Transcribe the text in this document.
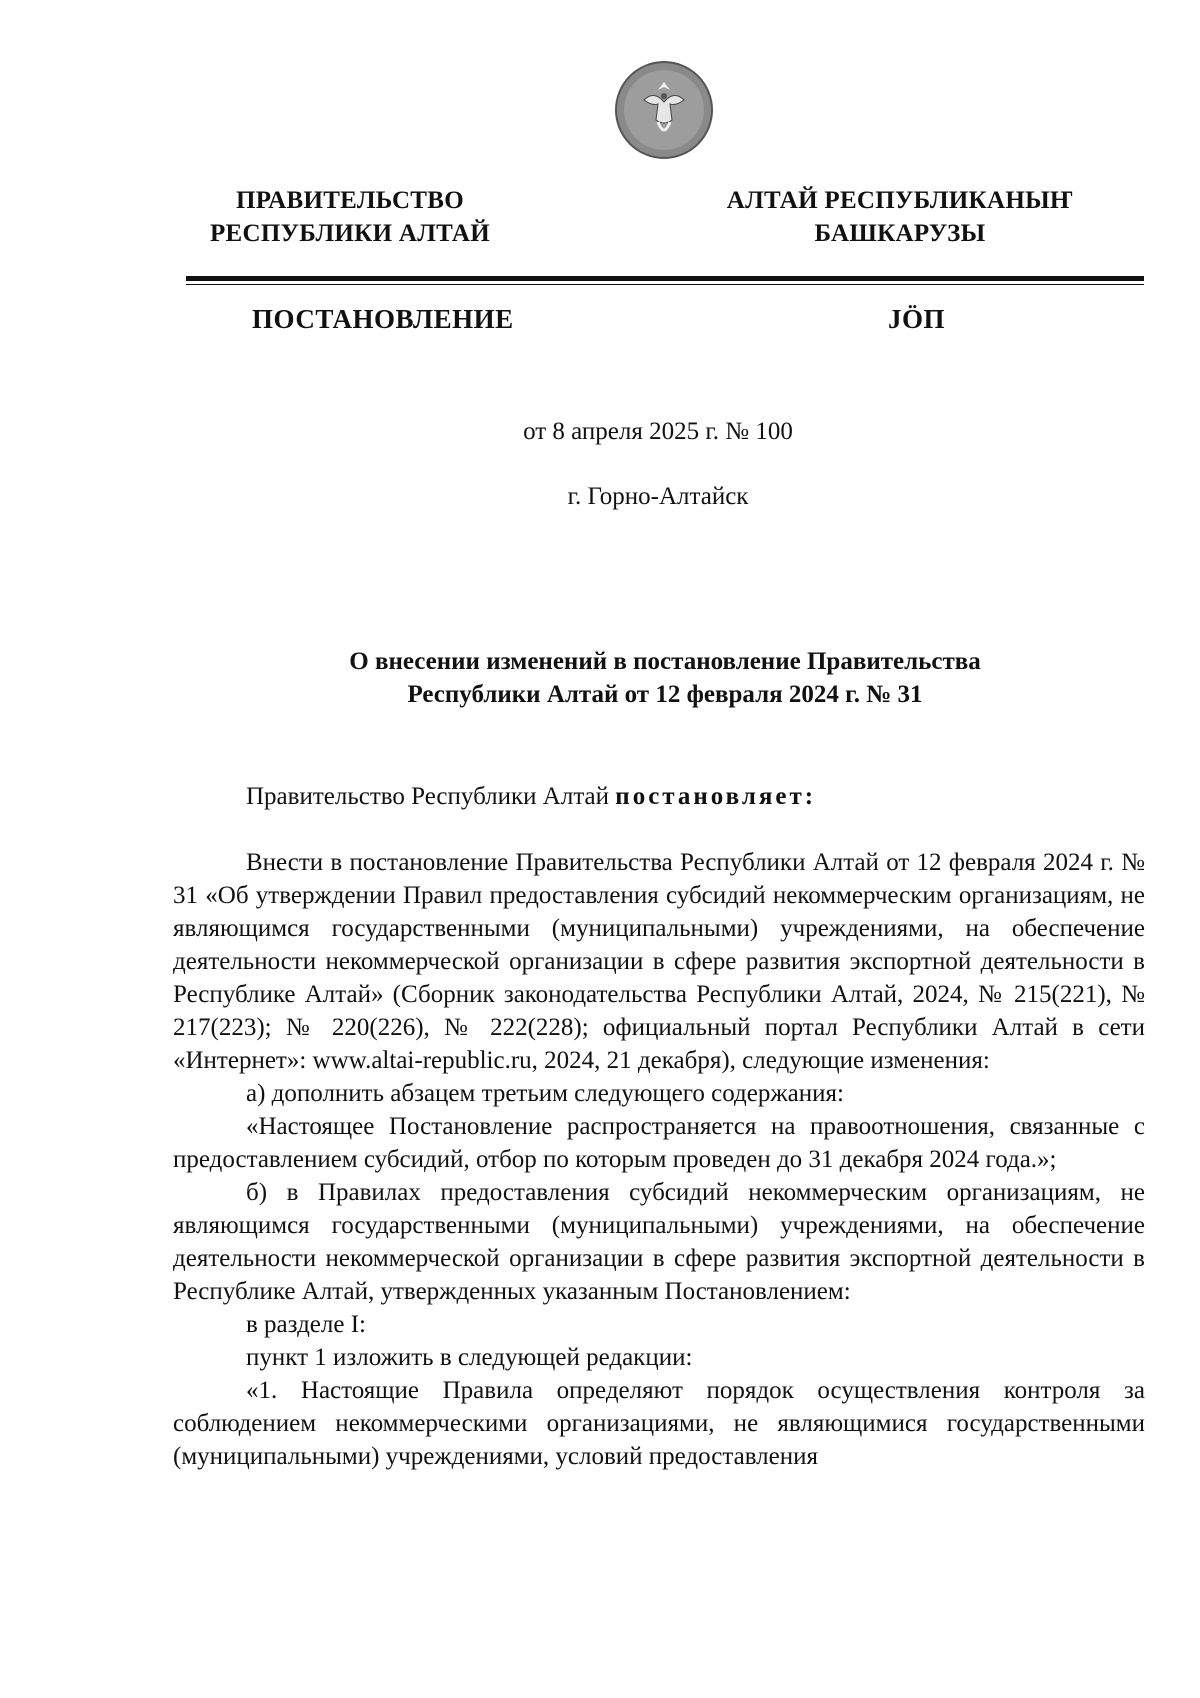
ПРАВИТЕЛЬСТВО
РЕСПУБЛИКИ АЛТАЙ
АЛТАЙ РЕСПУБЛИКАНЫҤ
БАШКАРУЗЫ
ПОСТАНОВЛЕНИЕ	JӦП
от 8 апреля 2025 г. № 100
г. Горно-Алтайск
О внесении изменений в постановление Правительства
Республики Алтай от 12 февраля 2024 г. № 31

Правительство Республики Алтай постановляет:

Внести в постановление Правительства Республики Алтай от 12 февраля 2024 г. № 31 «Об утверждении Правил предоставления субсидий некоммерческим организациям, не являющимся государственными (муниципальными) учреждениями, на обеспечение деятельности некоммерческой организации в сфере развития экспортной деятельности в Республике Алтай» (Сборник законодательства Республики Алтай, 2024, № 215(221), № 217(223); № 220(226), № 222(228); официальный портал Республики Алтай в сети «Интернет»: www.altai-republic.ru, 2024, 21 декабря), следующие изменения:

а) дополнить абзацем третьим следующего содержания:

«Настоящее Постановление распространяется на правоотношения, связанные с предоставлением субсидий, отбор по которым проведен до 31 декабря 2024 года.»;

б) в Правилах предоставления субсидий некоммерческим организациям, не являющимся государственными (муниципальными) учреждениями, на обеспечение деятельности некоммерческой организации в сфере развития экспортной деятельности в Республике Алтай, утвержденных указанным Постановлением:

в разделе I:

пункт 1 изложить в следующей редакции:

«1. Настоящие Правила определяют порядок осуществления контроля за соблюдением некоммерческими организациями, не являющимися государственными (муниципальными) учреждениями, условий предоставления
